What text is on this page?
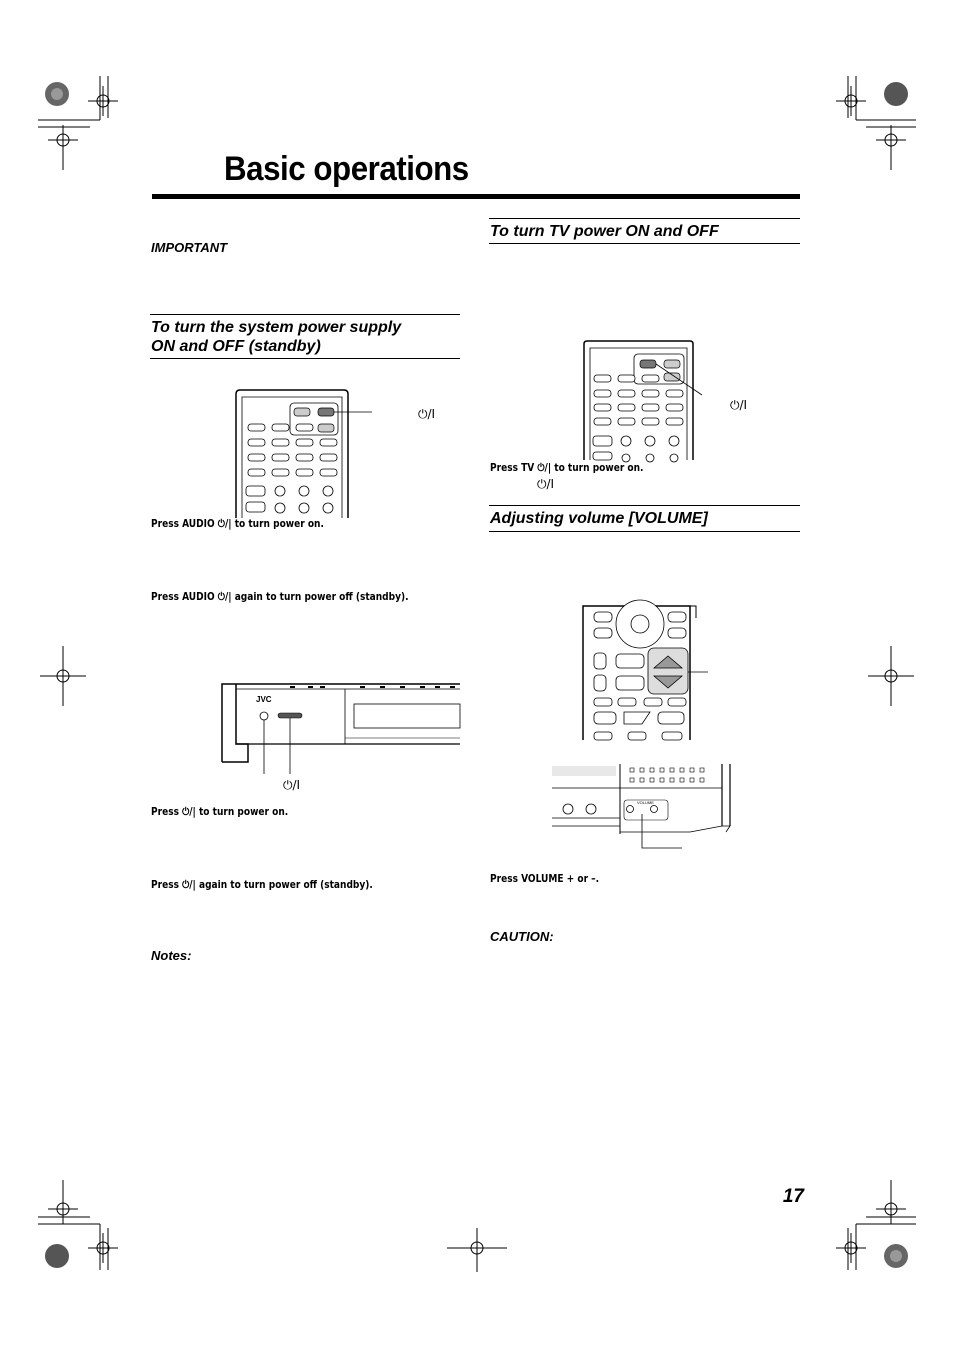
Basic operations
IMPORTANT
To turn the system power supply
ON and OFF (standby)
⏻/I
Press AUDIO ⏻/| to turn power on.
Press AUDIO ⏻/| again to turn power off (standby).
JVC
⏻/I
Press ⏻/| to turn power on.
Press ⏻/| again to turn power off (standby).
Notes:
To turn TV power ON and OFF
⏻/I
Press TV ⏻/| to turn power on.
⏻/I
Adjusting volume [VOLUME]
VOLUME
Press VOLUME + or –.
CAUTION:
17
